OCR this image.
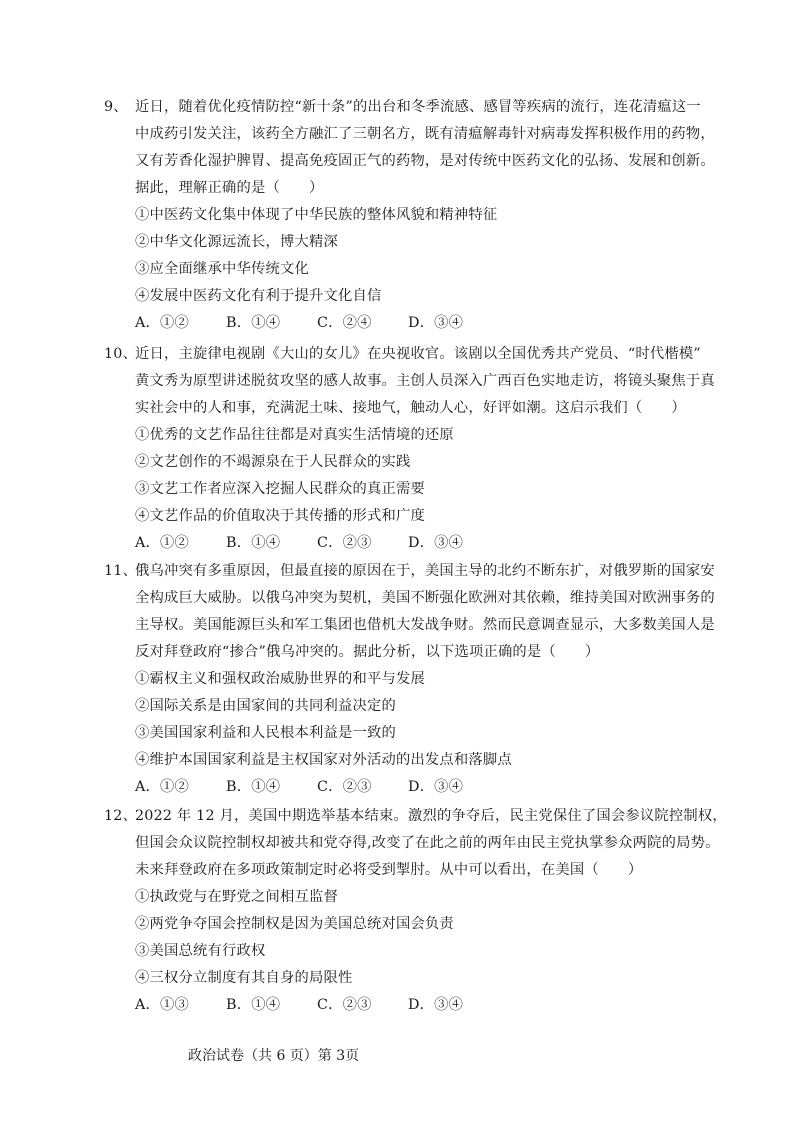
9、 近日，随着优化疫情防控“新十条”的出台和冬季流感、感冒等疾病的流行，连花清瘟这一
中成药引发关注，该药全方融汇了三朝名方，既有清瘟解毒针对病毒发挥积极作用的药物，
又有芳香化湿护脾胃、提高免疫固正气的药物，是对传统中医药文化的弘扬、发展和创新。
据此，理解正确的是（　　）
①中医药文化集中体现了中华民族的整体风貌和精神特征
②中华文化源远流长，博大精深
③应全面继承中华传统文化
④发展中医药文化有利于提升文化自信
A．①②	B．①④	C．②④	D．③④
10、
近日，主旋律电视剧《大山的女儿》在央视收官。该剧以全国优秀共产党员、“时代楷模”
黄文秀为原型讲述脱贫攻坚的感人故事。主创人员深入广西百色实地走访，将镜头聚焦于真
实社会中的人和事，充满泥土味、接地气，触动人心，好评如潮。这启示我们（　　）
①优秀的文艺作品往往都是对真实生活情境的还原
②文艺创作的不竭源泉在于人民群众的实践
③文艺工作者应深入挖掘人民群众的真正需要
④文艺作品的价值取决于其传播的形式和广度
A．①②	B．①④	C．②③	D．③④
11、
俄乌冲突有多重原因，但最直接的原因在于，美国主导的北约不断东扩，对俄罗斯的国家安
全构成巨大威胁。以俄乌冲突为契机，美国不断强化欧洲对其依赖，维持美国对欧洲事务的
主导权。美国能源巨头和军工集团也借机大发战争财。然而民意调查显示，大多数美国人是
反对拜登政府“掺合”俄乌冲突的。据此分析，以下选项正确的是（　　）
①霸权主义和强权政治威胁世界的和平与发展
②国际关系是由国家间的共同利益决定的
③美国国家利益和人民根本利益是一致的
④维护本国国家利益是主权国家对外活动的出发点和落脚点
A．①②	B．①④	C．②③	D．③④
12、
2022 年 12 月，美国中期选举基本结束。激烈的争夺后，民主党保住了国会参议院控制权，
但国会众议院控制权却被共和党夺得,改变了在此之前的两年由民主党执掌参众两院的局势。
未来拜登政府在多项政策制定时必将受到掣肘。从中可以看出，在美国（　　）
①执政党与在野党之间相互监督
②两党争夺国会控制权是因为美国总统对国会负责
③美国总统有行政权
④三权分立制度有其自身的局限性
A．①③	B．①④	C．②③	D．③④
政治试卷（共 6 页）第 3页
